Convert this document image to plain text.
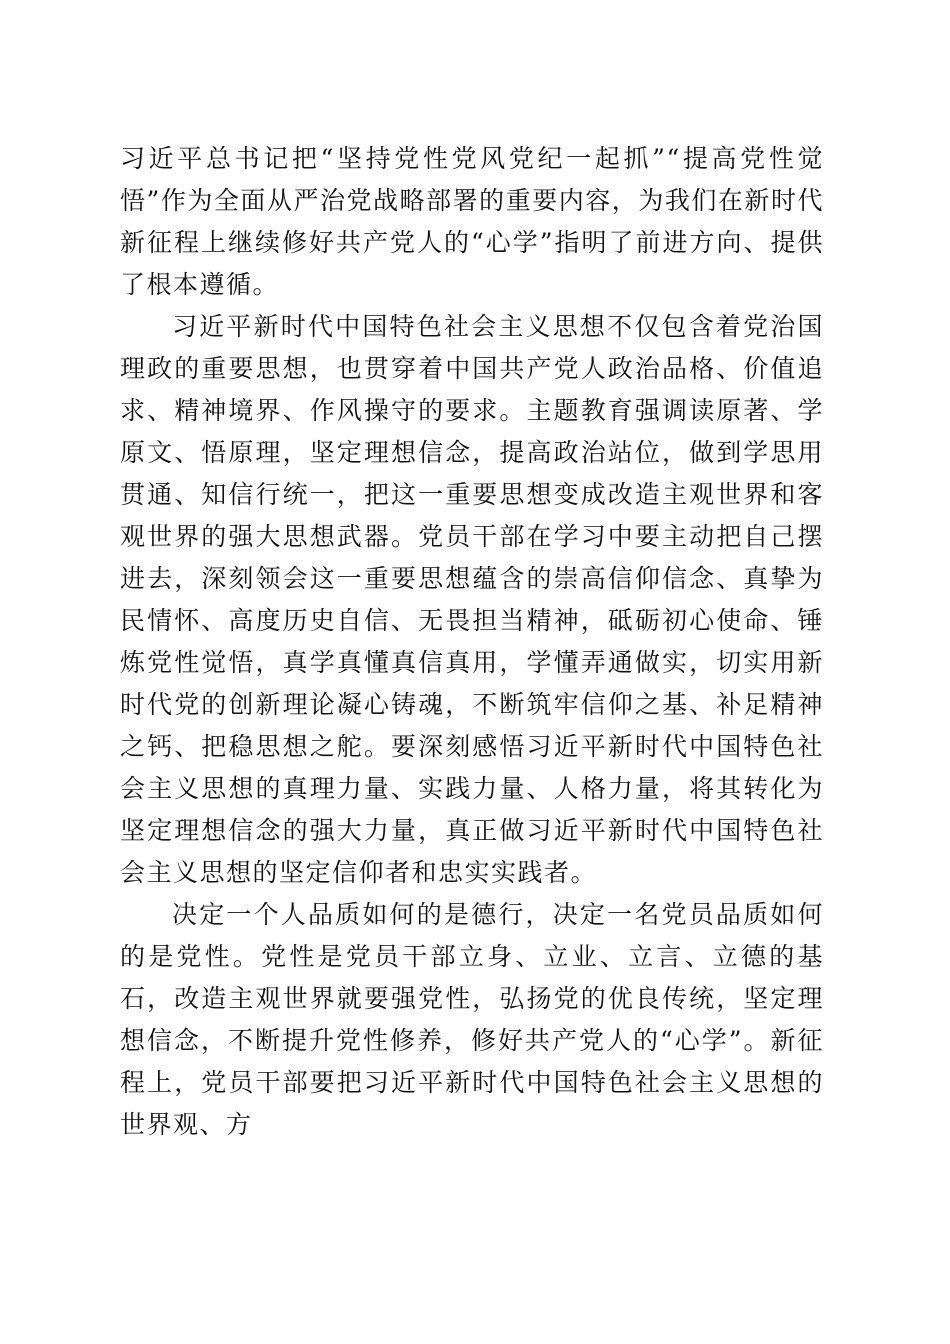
习近平总书记把“坚持党性党风党纪一起抓”“提高党性觉悟”作为全面从严治党战略部署的重要内容，为我们在新时代新征程上继续修好共产党人的“心学”指明了前进方向、提供了根本遵循。

习近平新时代中国特色社会主义思想不仅包含着党治国理政的重要思想，也贯穿着中国共产党人政治品格、价值追求、精神境界、作风操守的要求。主题教育强调读原著、学原文、悟原理，坚定理想信念，提高政治站位，做到学思用贯通、知信行统一，把这一重要思想变成改造主观世界和客观世界的强大思想武器。党员干部在学习中要主动把自己摆进去，深刻领会这一重要思想蕴含的崇高信仰信念、真挚为民情怀、高度历史自信、无畏担当精神，砥砺初心使命、锤炼党性觉悟，真学真懂真信真用，学懂弄通做实，切实用新时代党的创新理论凝心铸魂，不断筑牢信仰之基、补足精神之钙、把稳思想之舵。要深刻感悟习近平新时代中国特色社会主义思想的真理力量、实践力量、人格力量，将其转化为坚定理想信念的强大力量，真正做习近平新时代中国特色社会主义思想的坚定信仰者和忠实实践者。

决定一个人品质如何的是德行，决定一名党员品质如何的是党性。党性是党员干部立身、立业、立言、立德的基石，改造主观世界就要强党性，弘扬党的优良传统，坚定理想信念，不断提升党性修养，修好共产党人的“心学”。新征程上，党员干部要把习近平新时代中国特色社会主义思想的世界观、方
